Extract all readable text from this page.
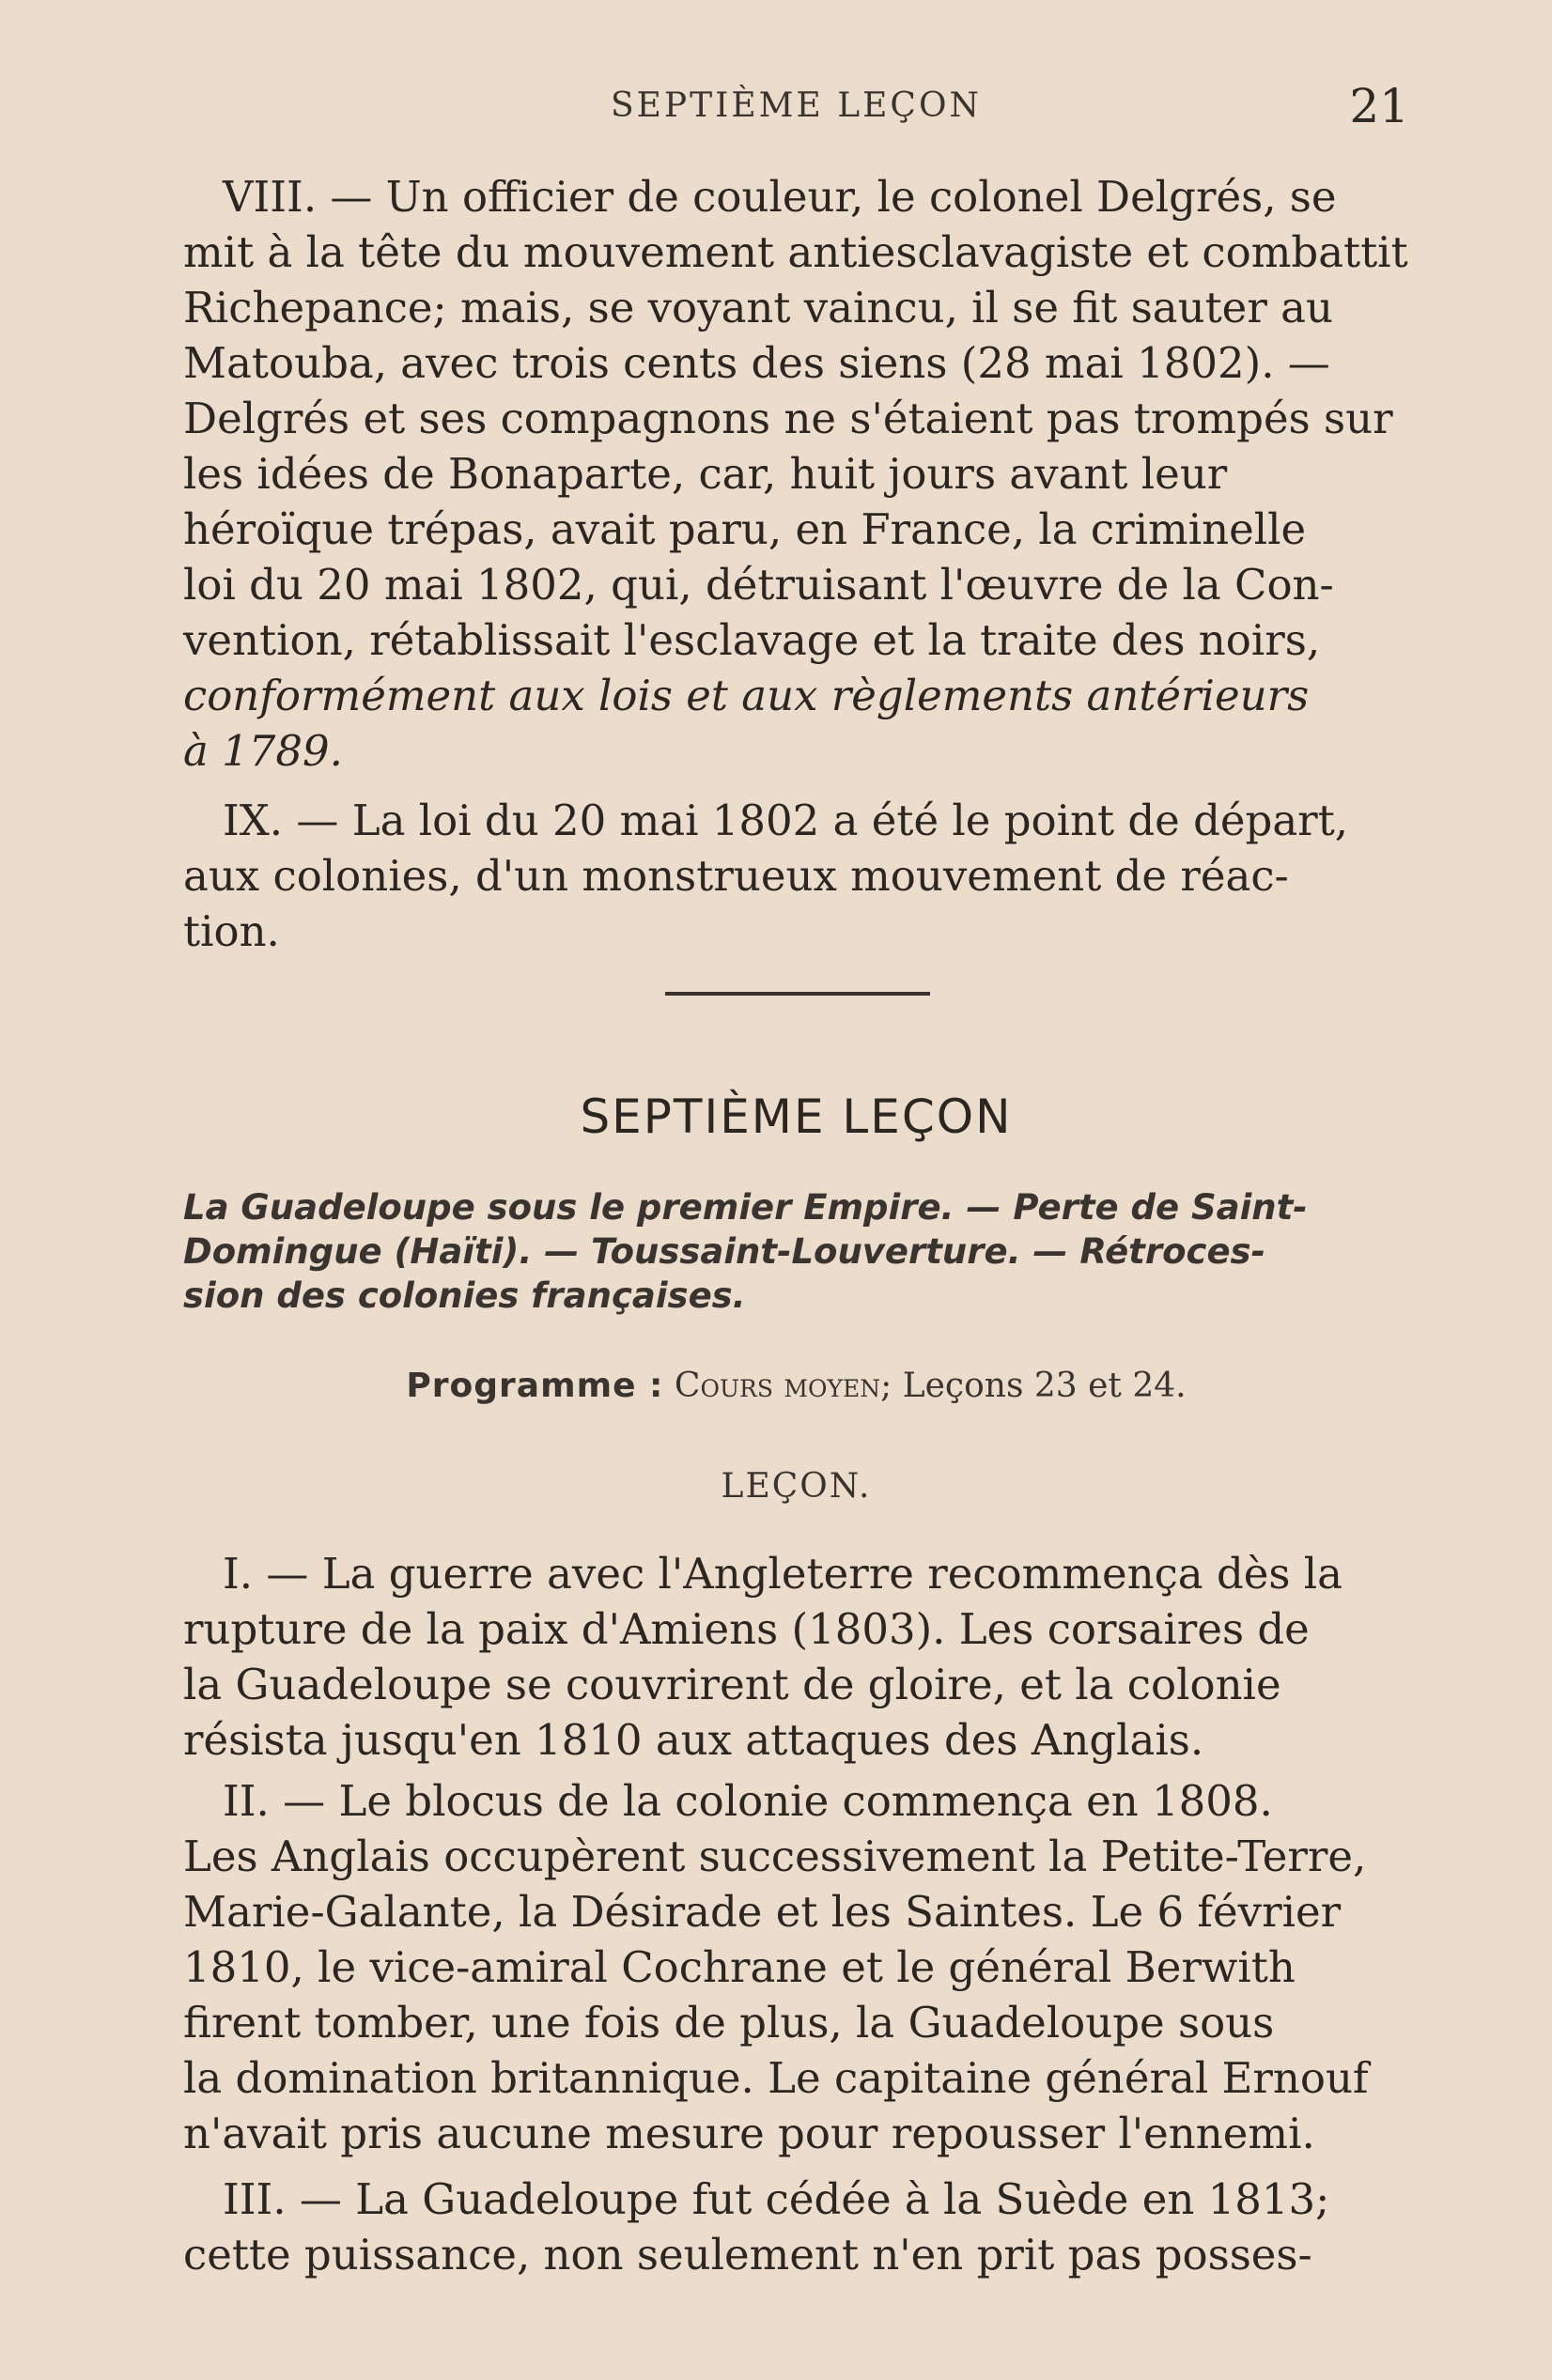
SEPTIÈME LEÇON	21
VIII. — Un officier de couleur, le colonel Delgrés, se
mit à la tête du mouvement antiesclavagiste et combattit
Richepance; mais, se voyant vaincu, il se fit sauter au
Matouba, avec trois cents des siens (28 mai 1802). —
Delgrés et ses compagnons ne s'étaient pas trompés sur
les idées de Bonaparte, car, huit jours avant leur
héroïque trépas, avait paru, en France, la criminelle
loi du 20 mai 1802, qui, détruisant l'œuvre de la Con-
vention, rétablissait l'esclavage et la traite des noirs,
conformément aux lois et aux règlements antérieurs
à 1789.
IX. — La loi du 20 mai 1802 a été le point de départ,
aux colonies, d'un monstrueux mouvement de réac-
tion.
SEPTIÈME LEÇON
La Guadeloupe sous le premier Empire. — Perte de Saint-
Domingue (Haïti). — Toussaint-Louverture. — Rétroces-
sion des colonies françaises.
Programme : Cours moyen; Leçons 23 et 24.
LEÇON.
I. — La guerre avec l'Angleterre recommença dès la
rupture de la paix d'Amiens (1803). Les corsaires de
la Guadeloupe se couvrirent de gloire, et la colonie
résista jusqu'en 1810 aux attaques des Anglais.
II. — Le blocus de la colonie commença en 1808.
Les Anglais occupèrent successivement la Petite-Terre,
Marie-Galante, la Désirade et les Saintes. Le 6 février
1810, le vice-amiral Cochrane et le général Berwith
firent tomber, une fois de plus, la Guadeloupe sous
la domination britannique. Le capitaine général Ernouf
n'avait pris aucune mesure pour repousser l'ennemi.
III. — La Guadeloupe fut cédée à la Suède en 1813;
cette puissance, non seulement n'en prit pas posses-
